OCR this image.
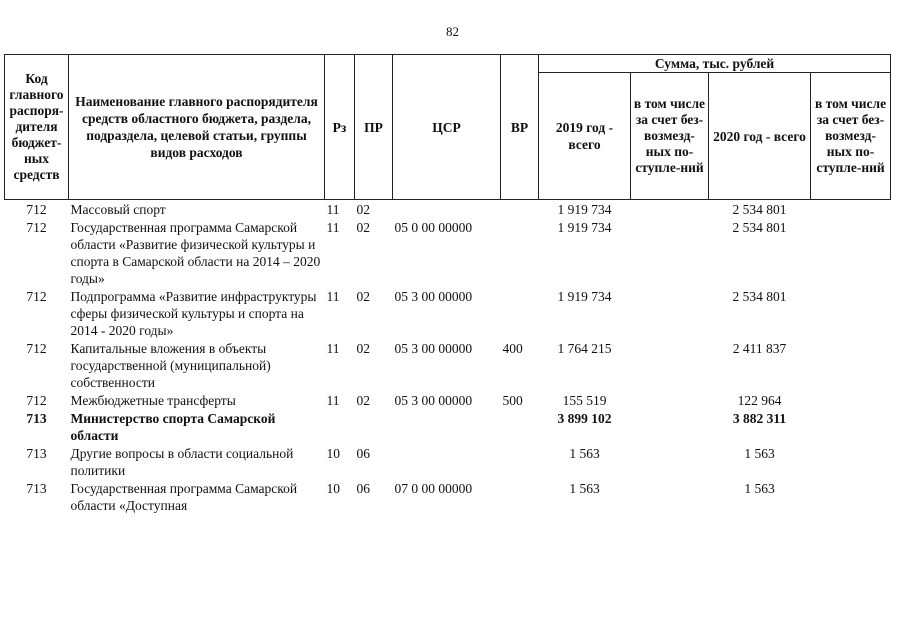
82
Код главного распоря-дителя бюджет-ных средств	Наименование главного распорядителя средств областного бюджета, раздела, подраздела, целевой статьи, группы видов расходов	Рз	ПР	ЦСР	ВР	Сумма, тыс. рублей			
						2019 год - всего	в том числе за счет без-возмезд-ных по-ступле-ний	2020 год - всего	в том числе за счет без-возмезд-ных по-ступле-ний
712	Массовый спорт	11	02			1 919 734		2 534 801	
712	Государственная программа Самарской области «Развитие физической культуры и спорта в Самарской области на 2014 – 2020 годы»	11	02	05 0 00 00000		1 919 734		2 534 801	
712	Подпрограмма «Развитие инфраструктуры сферы физической культуры и спорта на 2014 - 2020 годы»	11	02	05 3 00 00000		1 919 734		2 534 801	
712	Капитальные вложения в объекты государственной (муниципальной) собственности	11	02	05 3 00 00000	400	1 764 215		2 411 837	
712	Межбюджетные трансферты	11	02	05 3 00 00000	500	155 519		122 964	
713	Министерство спорта Самарской области					3 899 102		3 882 311	
713	Другие вопросы в области социальной политики	10	06			1 563		1 563	
713	Государственная программа Самарской области «Доступная	10	06	07 0 00 00000		1 563		1 563	
